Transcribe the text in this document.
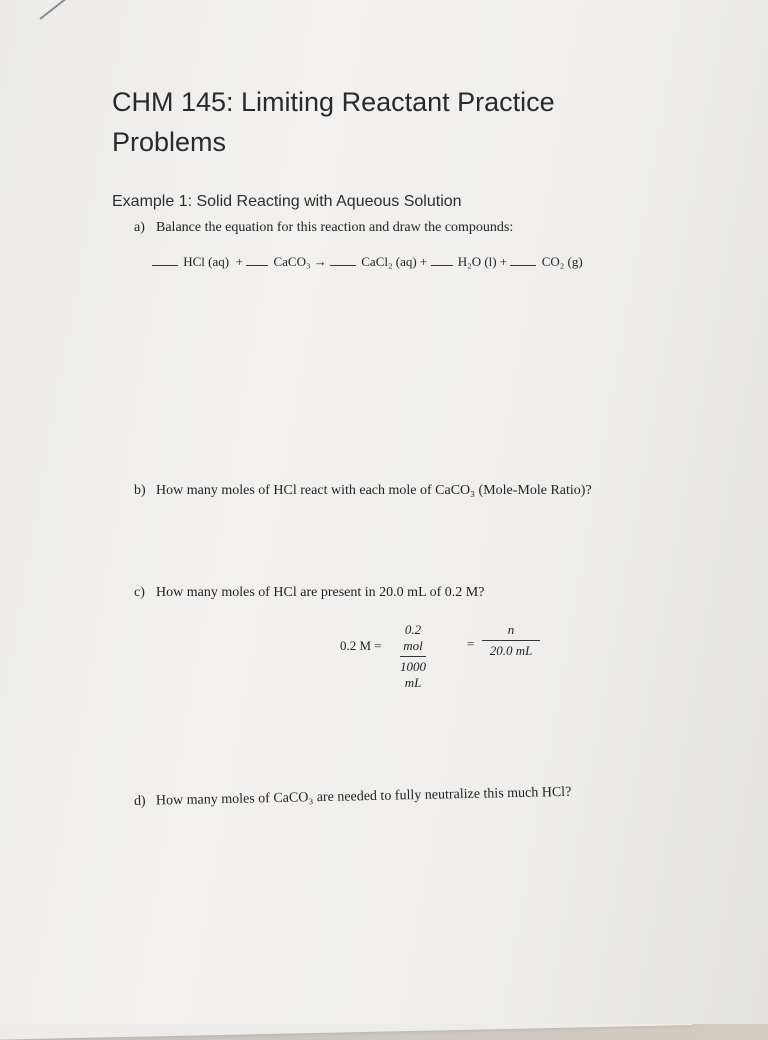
CHM 145: Limiting Reactant Practice Problems
Example 1: Solid Reacting with Aqueous Solution
a) Balance the equation for this reaction and draw the compounds:
HCl (aq) + CaCO₃ →	CaCl₂ (aq) + H₂O (l) +	CO₂ (g)
b) How many moles of HCl react with each mole of CaCO₃ (Mole-Mole Ratio)?
c) How many moles of HCl are present in 20.0 mL of 0.2 M?
0.2 M =
0.2 mol
1000 mL
= $\frac{n}{20.0 mL}$
d) How many moles of CaCO₃ are needed to fully neutralize this much HCl?
